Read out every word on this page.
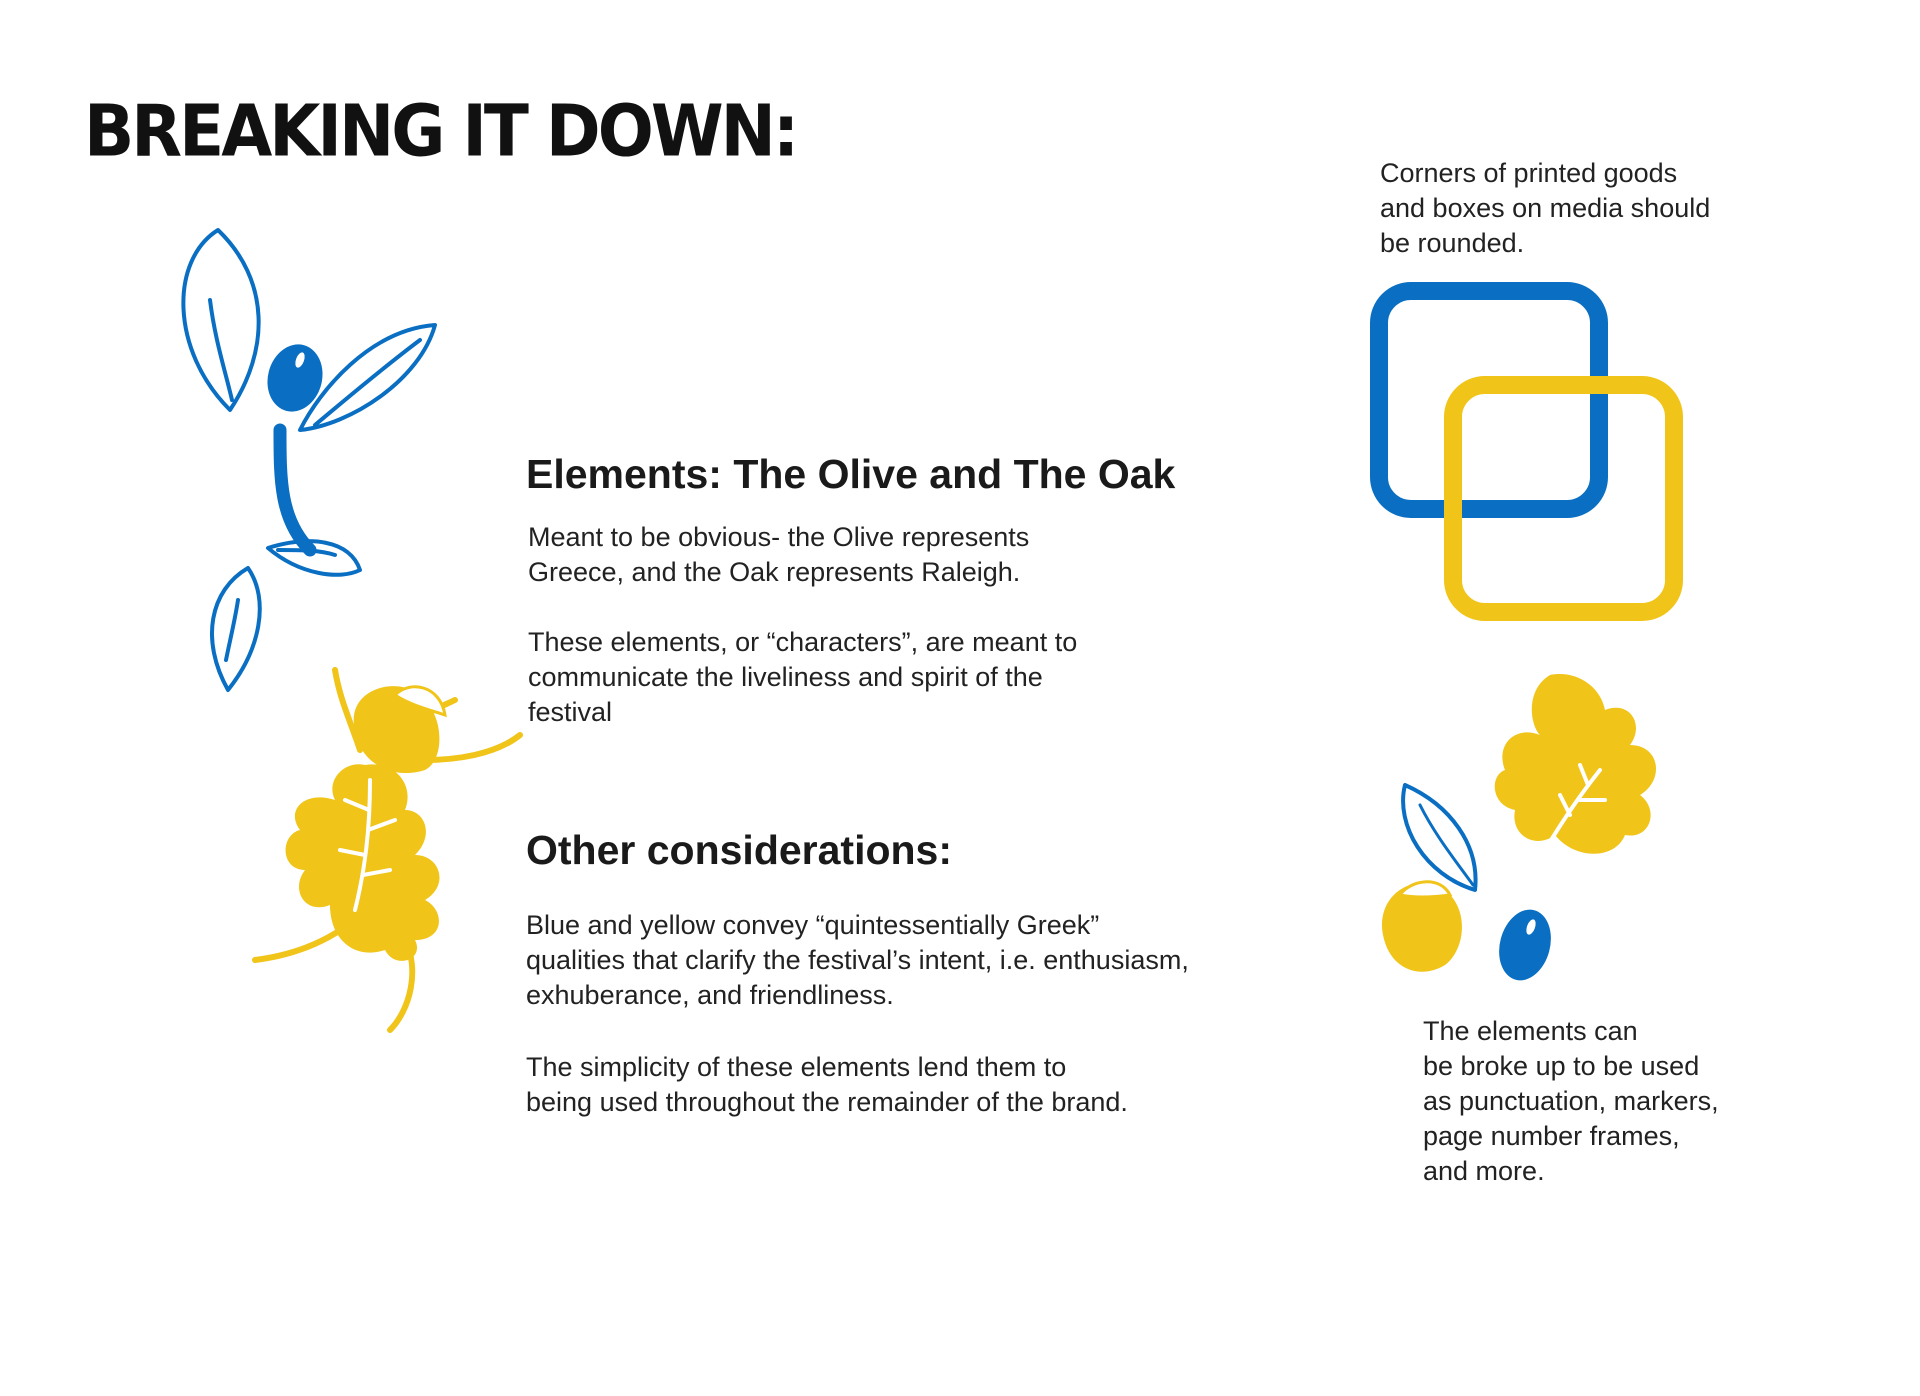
BREAKING IT DOWN:
Elements: The Olive and The Oak

Meant to be obvious- the Olive represents
Greece, and the Oak represents Raleigh.

These elements, or “characters”, are meant to
communicate the liveliness and spirit of the
festival

Other considerations:

Blue and yellow convey “quintessentially Greek”
qualities that clarify the festival’s intent, i.e. enthusiasm,
exhuberance, and friendliness.

The simplicity of these elements lend them to
being used throughout the remainder of the brand.

Corners of printed goods
and boxes on media should
be rounded.

The elements can
be broke up to be used
as punctuation, markers,
page number frames,
and more.
